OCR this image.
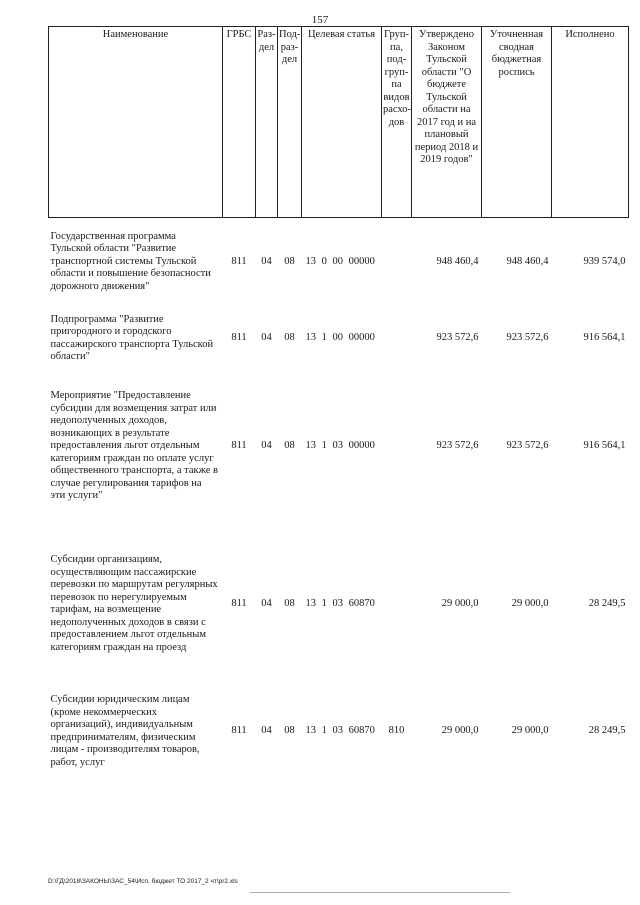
157
Наименование	ГРБС	Раз-дел	Под-раз-дел	Целевая статья	Груп-па, под-груп-па видов расхо-дов	Утверждено Законом Тульской области "О бюджете Тульской области на 2017 год и на плановый период 2018 и 2019 годов"	Уточненная сводная бюджетная роспись	Исполнено
Государственная программа Тульской области "Развитие транспортной системы Тульской области и повышение безопасности дорожного движения"	811	04	08	13 0 00 00000		948 460,4	948 460,4	939 574,0
Подпрограмма "Развитие пригородного и городского пассажирского транспорта Тульской области"	811	04	08	13 1 00 00000		923 572,6	923 572,6	916 564,1
Мероприятие "Предоставление субсидии для возмещения затрат или недополученных доходов, возникающих в результате предоставления льгот отдельным категориям граждан по оплате услуг общественного транспорта, а также в случае регулирования тарифов на эти услуги"	811	04	08	13 1 03 00000		923 572,6	923 572,6	916 564,1
Субсидии организациям, осуществляющим пассажирские перевозки по маршрутам регулярных перевозок по нерегулируемым тарифам, на возмещение недополученных доходов в связи с предоставлением льгот отдельным категориям граждан на проезд	811	04	08	13 1 03 60870		29 000,0	29 000,0	28 249,5
Субсидии юридическим лицам (кроме некоммерческих организаций), индивидуальным предпринимателям, физическим лицам - производителям товаров, работ, услуг	811	04	08	13 1 03 60870	810	29 000,0	29 000,0	28 249,5
D:\ГД\2018\ЗАКОНЫ\ЗАС_54\Исп. бюджет ТО 2017_2 чт\pr2.xls
